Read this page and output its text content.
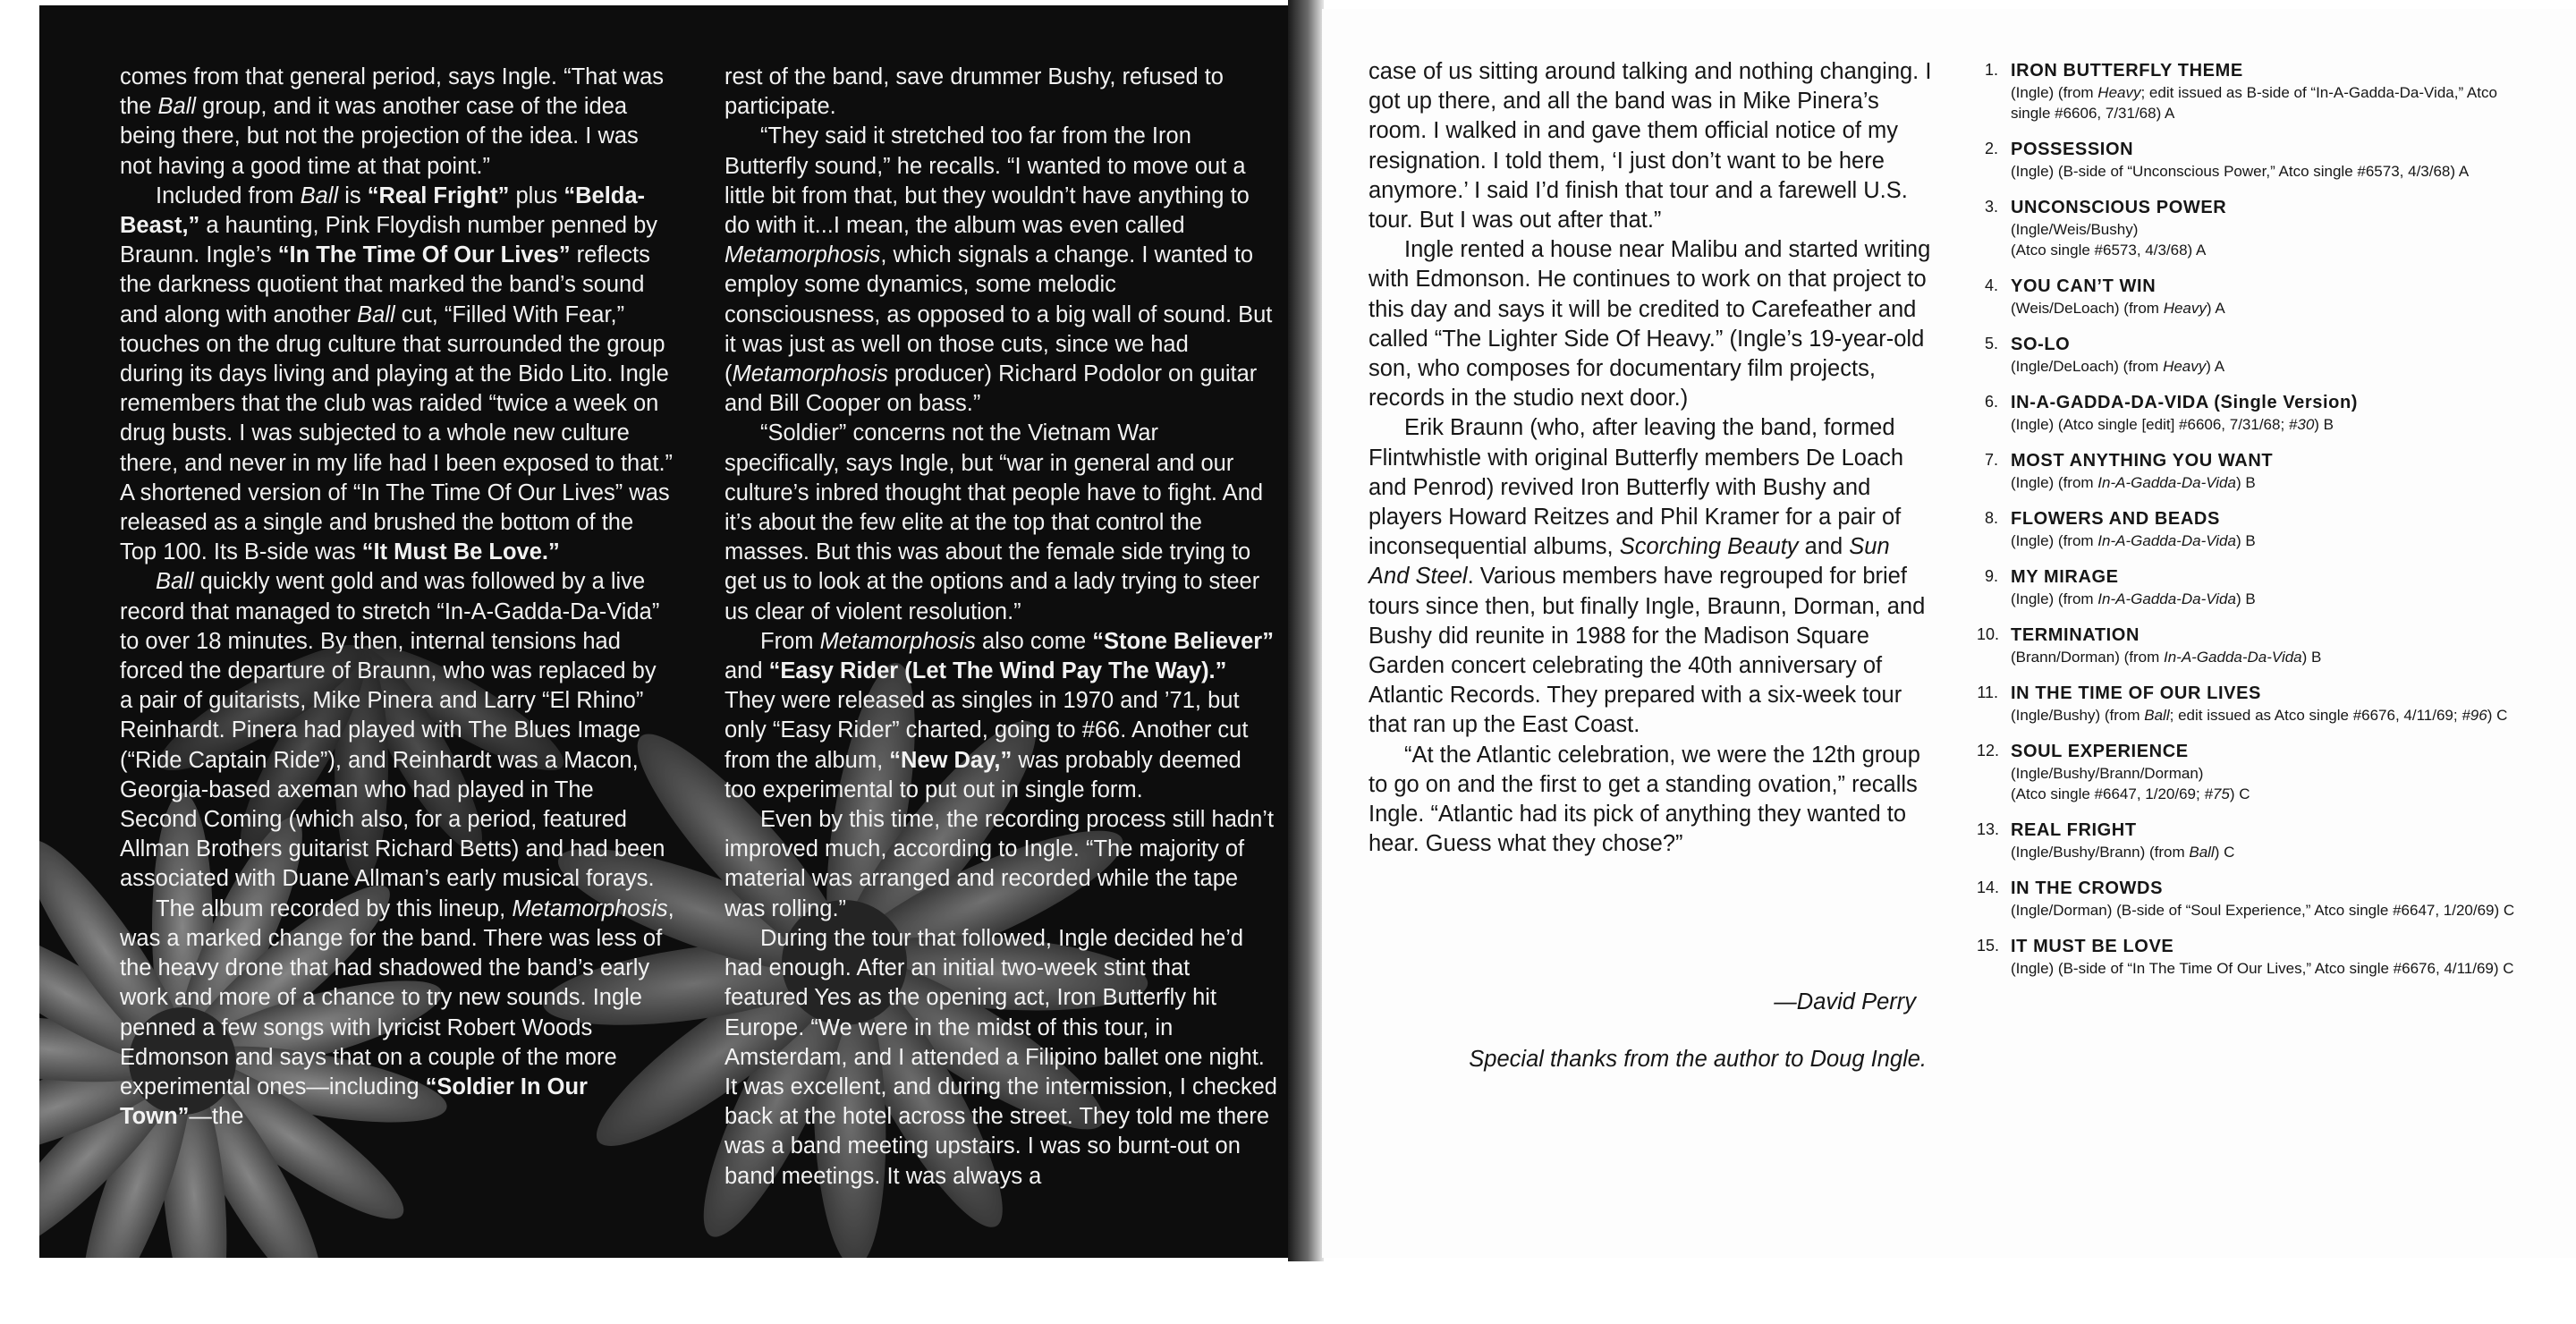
comes from that general period, says Ingle. “That was the Ball group, and it was another case of the idea being there, but not the projection of the idea. I was not having a good time at that point.”

Included from Ball is “Real Fright” plus “Belda-Beast,” a haunting, Pink Floydish number penned by Braunn. Ingle’s “In The Time Of Our Lives” reflects the darkness quotient that marked the band’s sound and along with another Ball cut, “Filled With Fear,” touches on the drug culture that surrounded the group during its days living and playing at the Bido Lito. Ingle remembers that the club was raided “twice a week on drug busts. I was subjected to a whole new culture there, and never in my life had I been exposed to that.” A shortened version of “In The Time Of Our Lives” was released as a single and brushed the bottom of the Top 100. Its B-side was “It Must Be Love.”

Ball quickly went gold and was followed by a live record that managed to stretch “In-A-Gadda-Da-Vida” to over 18 minutes. By then, internal tensions had forced the departure of Braunn, who was replaced by a pair of guitarists, Mike Pinera and Larry “El Rhino” Reinhardt. Pinera had played with The Blues Image (“Ride Captain Ride”), and Reinhardt was a Macon, Georgia-based axeman who had played in The Second Coming (which also, for a period, featured Allman Brothers guitarist Richard Betts) and had been associated with Duane Allman’s early musical forays.

The album recorded by this lineup, Metamorphosis, was a marked change for the band. There was less of the heavy drone that had shadowed the band’s early work and more of a chance to try new sounds. Ingle penned a few songs with lyricist Robert Woods Edmonson and says that on a couple of the more experimental ones—including “Soldier In Our Town”—the

rest of the band, save drummer Bushy, refused to participate.

“They said it stretched too far from the Iron Butterfly sound,” he recalls. “I wanted to move out a little bit from that, but they wouldn’t have anything to do with it...I mean, the album was even called Metamorphosis, which signals a change. I wanted to employ some dynamics, some melodic consciousness, as opposed to a big wall of sound. But it was just as well on those cuts, since we had (Metamorphosis producer) Richard Podolor on guitar and Bill Cooper on bass.”

“Soldier” concerns not the Vietnam War specifically, says Ingle, but “war in general and our culture’s inbred thought that people have to fight. And it’s about the few elite at the top that control the masses. But this was about the female side trying to get us to look at the options and a lady trying to steer us clear of violent resolution.”

From Metamorphosis also come “Stone Believer” and “Easy Rider (Let The Wind Pay The Way).” They were released as singles in 1970 and ’71, but only “Easy Rider” charted, going to #66. Another cut from the album, “New Day,” was probably deemed too experimental to put out in single form.

Even by this time, the recording process still hadn’t improved much, according to Ingle. “The majority of material was arranged and recorded while the tape was rolling.”

During the tour that followed, Ingle decided he’d had enough. After an initial two-week stint that featured Yes as the opening act, Iron Butterfly hit Europe. “We were in the midst of this tour, in Amsterdam, and I attended a Filipino ballet one night. It was excellent, and during the intermission, I checked back at the hotel across the street. They told me there was a band meeting upstairs. I was so burnt-out on band meetings. It was always a

case of us sitting around talking and nothing changing. I got up there, and all the band was in Mike Pinera’s room. I walked in and gave them official notice of my resignation. I told them, ‘I just don’t want to be here anymore.’ I said I’d finish that tour and a farewell U.S. tour. But I was out after that.”

Ingle rented a house near Malibu and started writing with Edmonson. He continues to work on that project to this day and says it will be credited to Carefeather and called “The Lighter Side Of Heavy.” (Ingle’s 19-year-old son, who composes for documentary film projects, records in the studio next door.)

Erik Braunn (who, after leaving the band, formed Flintwhistle with original Butterfly members De Loach and Penrod) revived Iron Butterfly with Bushy and players Howard Reitzes and Phil Kramer for a pair of inconsequential albums, Scorching Beauty and Sun And Steel. Various members have regrouped for brief tours since then, but finally Ingle, Braunn, Dorman, and Bushy did reunite in 1988 for the Madison Square Garden concert celebrating the 40th anniversary of Atlantic Records. They prepared with a six-week tour that ran up the East Coast.

“At the Atlantic celebration, we were the 12th group to go on and the first to get a standing ovation,” recalls Ingle. “Atlantic had its pick of anything they wanted to hear. Guess what they chose?”

—David Perry
Special thanks from the author to Doug Ingle.
1. IRON BUTTERFLY THEME
(Ingle) (from Heavy; edit issued as B-side of “In-A-Gadda-Da-Vida,” Atco single #6606, 7/31/68) A
2. POSSESSION
(Ingle) (B-side of “Unconscious Power,” Atco single #6573, 4/3/68) A
3. UNCONSCIOUS POWER
(Ingle/Weis/Bushy)
(Atco single #6573, 4/3/68) A
4. YOU CAN’T WIN
(Weis/DeLoach) (from Heavy) A
5. SO-LO
(Ingle/DeLoach) (from Heavy) A
6. IN-A-GADDA-DA-VIDA (Single Version)
(Ingle) (Atco single [edit] #6606, 7/31/68; #30) B
7. MOST ANYTHING YOU WANT
(Ingle) (from In-A-Gadda-Da-Vida) B
8. FLOWERS AND BEADS
(Ingle) (from In-A-Gadda-Da-Vida) B
9. MY MIRAGE
(Ingle) (from In-A-Gadda-Da-Vida) B
10. TERMINATION
(Brann/Dorman) (from In-A-Gadda-Da-Vida) B
11. IN THE TIME OF OUR LIVES
(Ingle/Bushy) (from Ball; edit issued as Atco single #6676, 4/11/69; #96) C
12. SOUL EXPERIENCE
(Ingle/Bushy/Brann/Dorman)
(Atco single #6647, 1/20/69; #75) C
13. REAL FRIGHT
(Ingle/Bushy/Brann) (from Ball) C
14. IN THE CROWDS
(Ingle/Dorman) (B-side of “Soul Experience,” Atco single #6647, 1/20/69) C
15. IT MUST BE LOVE
(Ingle) (B-side of “In The Time Of Our Lives,” Atco single #6676, 4/11/69) C
